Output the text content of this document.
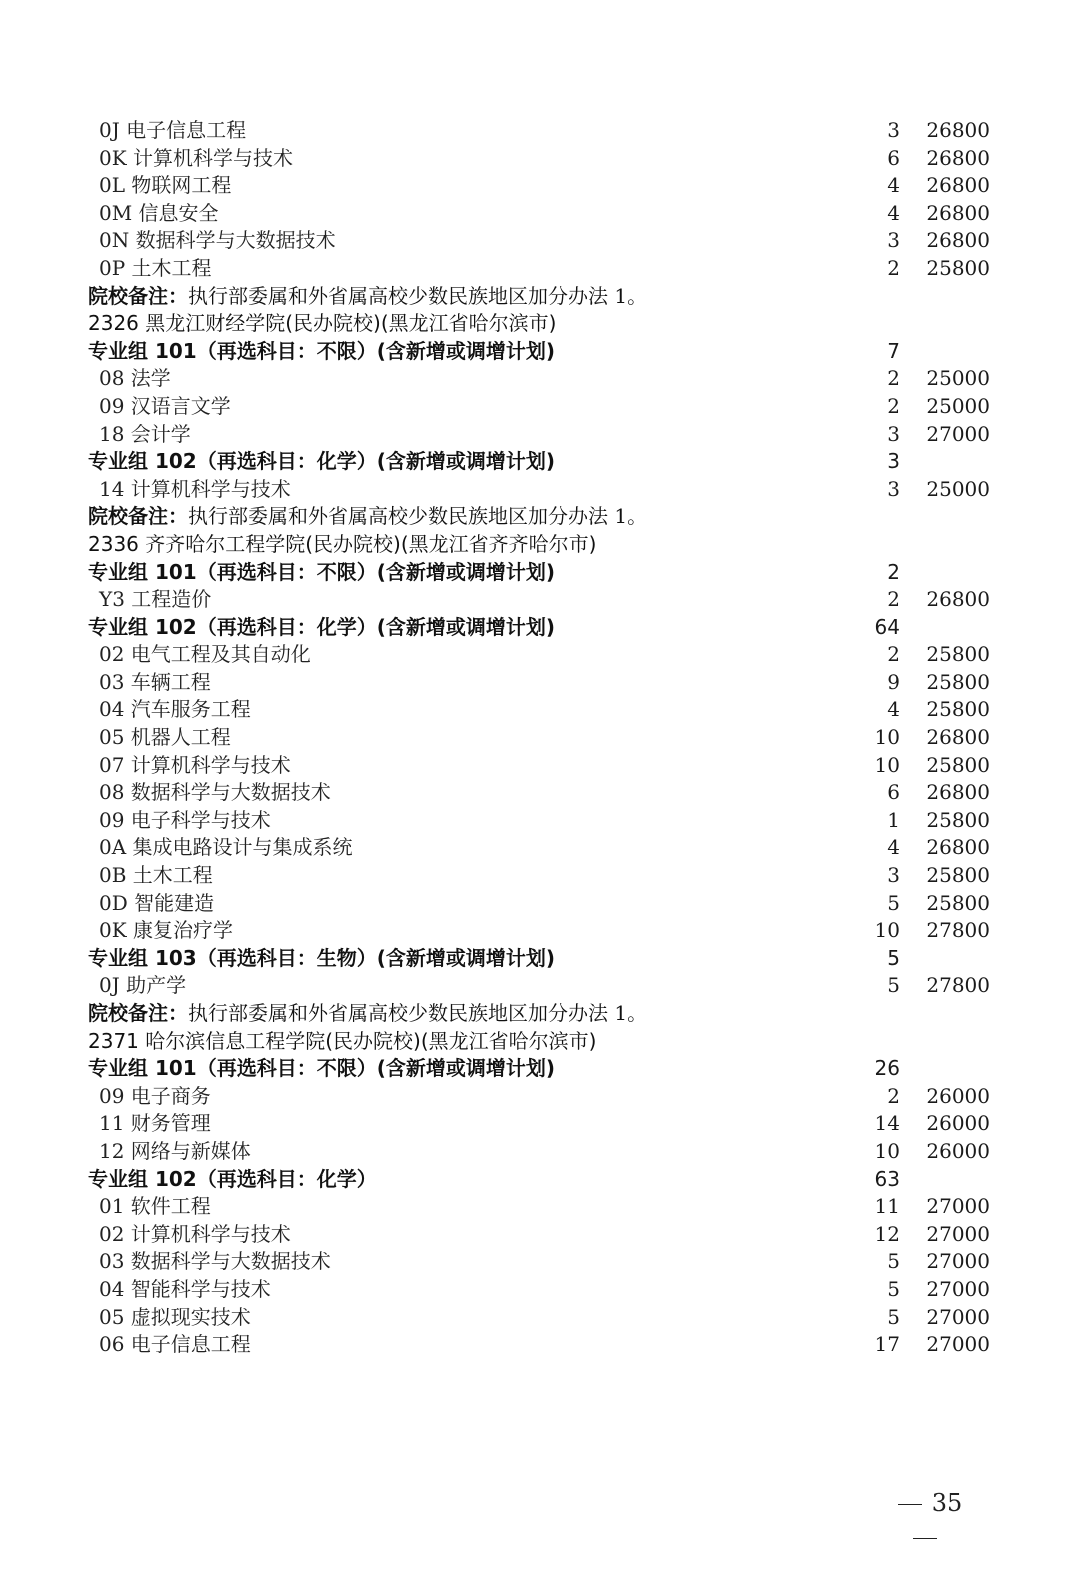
0J 电子信息工程	3 26800
0K 计算机科学与技术	6 26800
0L 物联网工程	4 26800
0M 信息安全	4 26800
0N 数据科学与大数据技术	3 26800
0P 土木工程	2 25800
院校备注：执行部委属和外省属高校少数民族地区加分办法 1。
2326 黑龙江财经学院(民办院校)(黑龙江省哈尔滨市)
专业组 101（再选科目：不限）(含新增或调增计划)	7
08 法学	2 25000
09 汉语言文学	2 25000
18 会计学	3 27000
专业组 102（再选科目：化学）(含新增或调增计划)	3
14 计算机科学与技术	3 25000
院校备注：执行部委属和外省属高校少数民族地区加分办法 1。
2336 齐齐哈尔工程学院(民办院校)(黑龙江省齐齐哈尔市)
专业组 101（再选科目：不限）(含新增或调增计划)	2
Y3 工程造价	2 26800
专业组 102（再选科目：化学）(含新增或调增计划)	64
02 电气工程及其自动化	2 25800
03 车辆工程	9 25800
04 汽车服务工程	4 25800
05 机器人工程	10 26800
07 计算机科学与技术	10 25800
08 数据科学与大数据技术	6 26800
09 电子科学与技术	1 25800
0A 集成电路设计与集成系统	4 26800
0B 土木工程	3 25800
0D 智能建造	5 25800
0K 康复治疗学	10 27800
专业组 103（再选科目：生物）(含新增或调增计划)	5
0J 助产学	5 27800
院校备注：执行部委属和外省属高校少数民族地区加分办法 1。
2371 哈尔滨信息工程学院(民办院校)(黑龙江省哈尔滨市)
专业组 101（再选科目：不限）(含新增或调增计划)	26
09 电子商务	2 26000
11 财务管理	14 26000
12 网络与新媒体	10 26000
专业组 102（再选科目：化学）	63
01 软件工程	11 27000
02 计算机科学与技术	12 27000
03 数据科学与大数据技术	5 27000
04 智能科学与技术	5 27000
05 虚拟现实技术	5 27000
06 电子信息工程	17 27000
35
